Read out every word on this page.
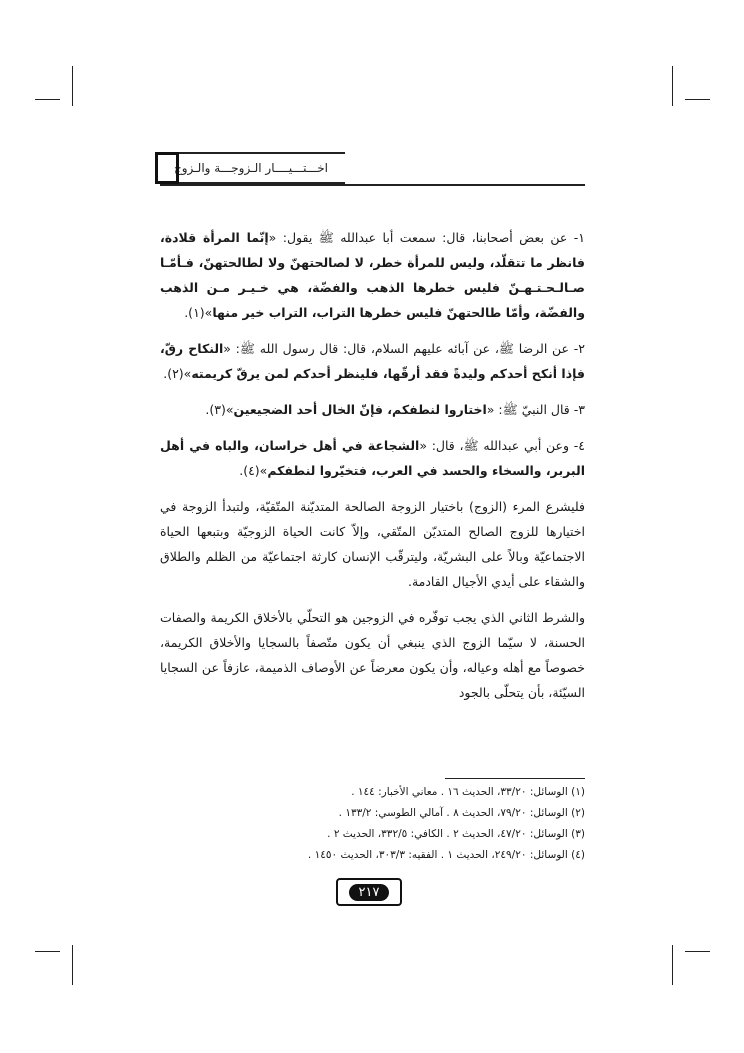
اخـــتـــيــــار الـزوجـــة والـزوج

١- عن بعض أصحابنا، قال: سمعت أبا عبدالله ﷺ يقول: «إنّما المرأة قلادة، فانظر ما تتقلّد، وليس للمرأة خطر، لا لصالحتهنّ ولا لطالحتهنّ، فـأمّـا صـالـحـتـهـنّ فليس خطرها الذهب والفضّة، هي خـيـر مـن الذهب والفضّة، وأمّا طالحتهنّ فليس خطرها التراب، التراب خير منها»(١).

٢- عن الرضا ﷺ، عن آبائه عليهم السلام، قال: قال رسول الله ﷺ: «النكاح رقّ، فإذا أنكح أحدكم وليدةً فقد أرقّها، فلينظر أحدكم لمن يرقّ كريمته»(٢).

٣- قال النبيّ ﷺ: «اختاروا لنطفكم، فإنّ الخال أحد الضجيعين»(٣).

٤- وعن أبي عبدالله ﷺ، قال: «الشجاعة في أهل خراسان، والباه في أهل البربر، والسخاء والحسد في العرب، فتخيّروا لنطفكم»(٤).

فليشرع المرء (الزوج) باختيار الزوجة الصالحة المتديّنة المتّقيّة، ولتبدأ الزوجة في اختيارها للزوج الصالح المتديّن المتّقي، وإلاّ كانت الحياة الزوجيّة وبتبعها الحياة الاجتماعيّة وبالاً على البشريّة، وليترقّب الإنسان كارثة اجتماعيّة من الظلم والطلاق والشقاء على أيدي الأجيال القادمة.

والشرط الثاني الذي يجب توفّره في الزوجين هو التحلّي بالأخلاق الكريمة والصفات الحسنة، لا سيّما الزوج الذي ينبغي أن يكون متّصفاً بالسجايا والأخلاق الكريمة، خصوصاً مع أهله وعياله، وأن يكون معرضاً عن الأوصاف الذميمة، عازفاً عن السجايا السيّئة، بأن يتحلّى بالجود

(١) الوسائل: ٣٣/٢٠، الحديث ١٦ . معاني الأخبار: ١٤٤ .
(٢) الوسائل: ٧٩/٢٠، الحديث ٨ . آمالي الطوسي: ١٣٣/٢ .
(٣) الوسائل: ٤٧/٢٠، الحديث ٢ . الكافي: ٣٣٢/٥، الحديث ٢ .
(٤) الوسائل: ٢٤٩/٢٠، الحديث ١ . الفقيه: ٣٠٣/٣، الحديث ١٤٥٠ .
٢١٧
